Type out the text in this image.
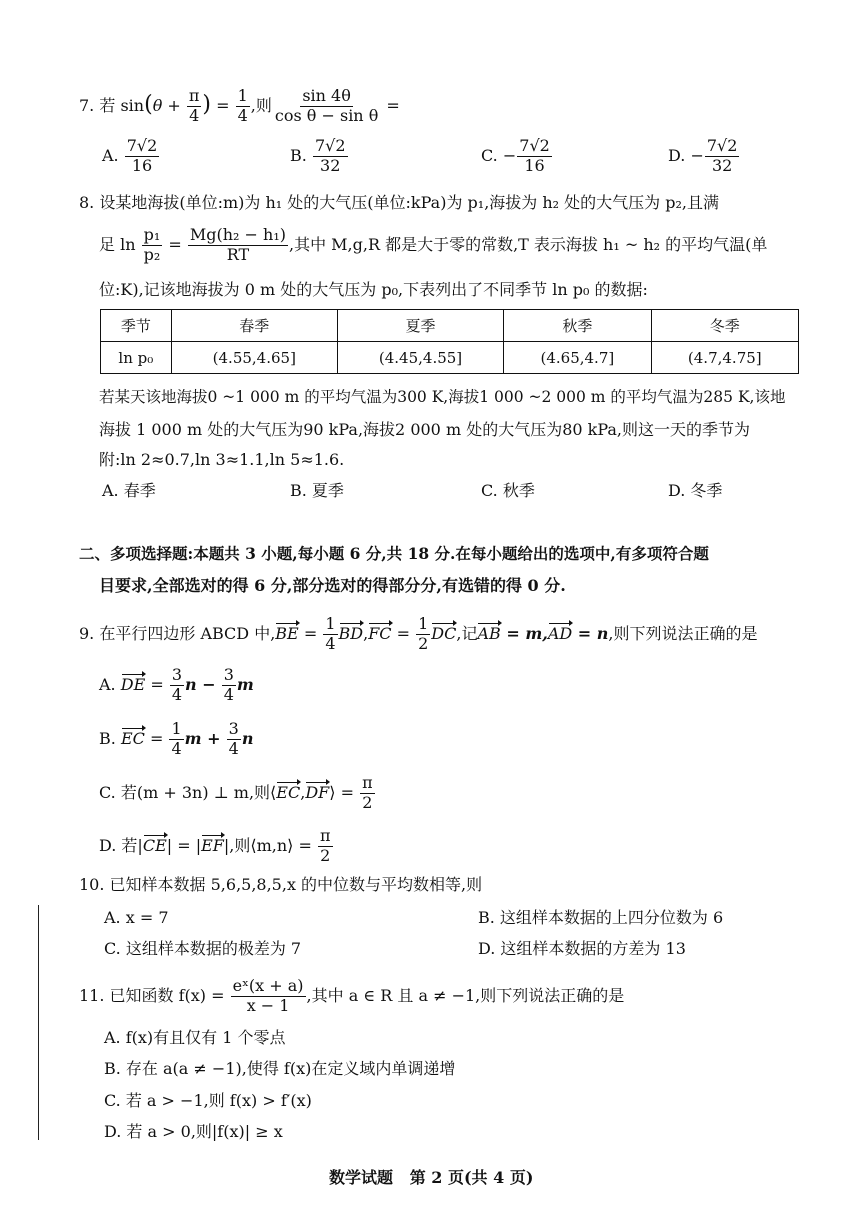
7. 若 $\sin(\theta + \frac{\pi}{4}$ ) = $\frac{1}{4}$ ,则 $\frac{\sin 4\theta}{\text{cos θ − sin θ}}$ =
A. $\frac{7√2}{16}$	B. $\frac{7√2}{32}$	C. − $\frac{7√2}{16}$	D. − $\frac{7√2}{32}$
8. 设某地海拔(单位:m)为 h₁ 处的大气压(单位:kPa)为 p₁,海拔为 h₂ 处的大气压为 p₂,且满
足 $\ln \frac{\text{p₁}}{\text{p₂}} = \frac{\text{Mg(h₂ − h₁)}}{RT}$ ,其中 M,g,R 都是大于零的常数,T 表示海拔 h₁ ~ h₂ 的平均气温(单
位:K),记该地海拔为 0 m 处的大气压为 p₀,下表列出了不同季节 ln p₀ 的数据:
季节	春季	夏季	秋季	冬季
ln p₀	(4.55,4.65]	(4.45,4.55]	(4.65,4.7]	(4.7,4.75]
若某天该地海拔0 ~1 000 m 的平均气温为300 K,海拔1 000 ~2 000 m 的平均气温为285 K,该地
海拔 1 000 m 处的大气压为90 kPa,海拔2 000 m 处的大气压为80 kPa,则这一天的季节为
附:ln 2≈0.7,ln 3≈1.1,ln 5≈1.6.
A. 春季	B. 夏季	C. 秋季	D. 冬季
二、多项选择题:本题共 3 小题,每小题 6 分,共 18 分.在每小题给出的选项中,有多项符合题
目要求,全部选对的得 6 分,部分选对的得部分分,有选错的得 0 分.
9. 在平行四边形 ABCD 中$,BE = \frac{1}{4} BD,FC = \frac{1}{2}$ DC,记AB = m,AD = n,则下列说法正确的是
A. DE = $\frac{3}{4}$ $n - \frac{3}{4}$ m
B. EC = $\frac{1}{4}$ $m + \frac{3}{4}$ n
C. 若(m + 3n) ⊥ m,则⟨EC,DF⟩ = $\frac{\pi}{2}$
D. 若|CE| = |EF|,则⟨m,n⟩ = $\frac{\pi}{2}$
10. 已知样本数据 5,6,5,8,5,x 的中位数与平均数相等,则
A. x = 7	B. 这组样本数据的上四分位数为 6
C. 这组样本数据的极差为 7	D. 这组样本数据的方差为 13
11. 已知函数 $f(x) = \frac{\text{eˣ(x + a)}}{x - 1}$ ,其中 a ∈ R 且 a ≠ −1,则下列说法正确的是
A. f(x)有且仅有 1 个零点
B. 存在 a(a ≠ −1),使得 f(x)在定义域内单调递增
C. 若 a > −1,则 f(x) > f′(x)
D. 若 a > 0,则|f(x)| ≥ x
数学试题   第 2 页(共 4 页)
